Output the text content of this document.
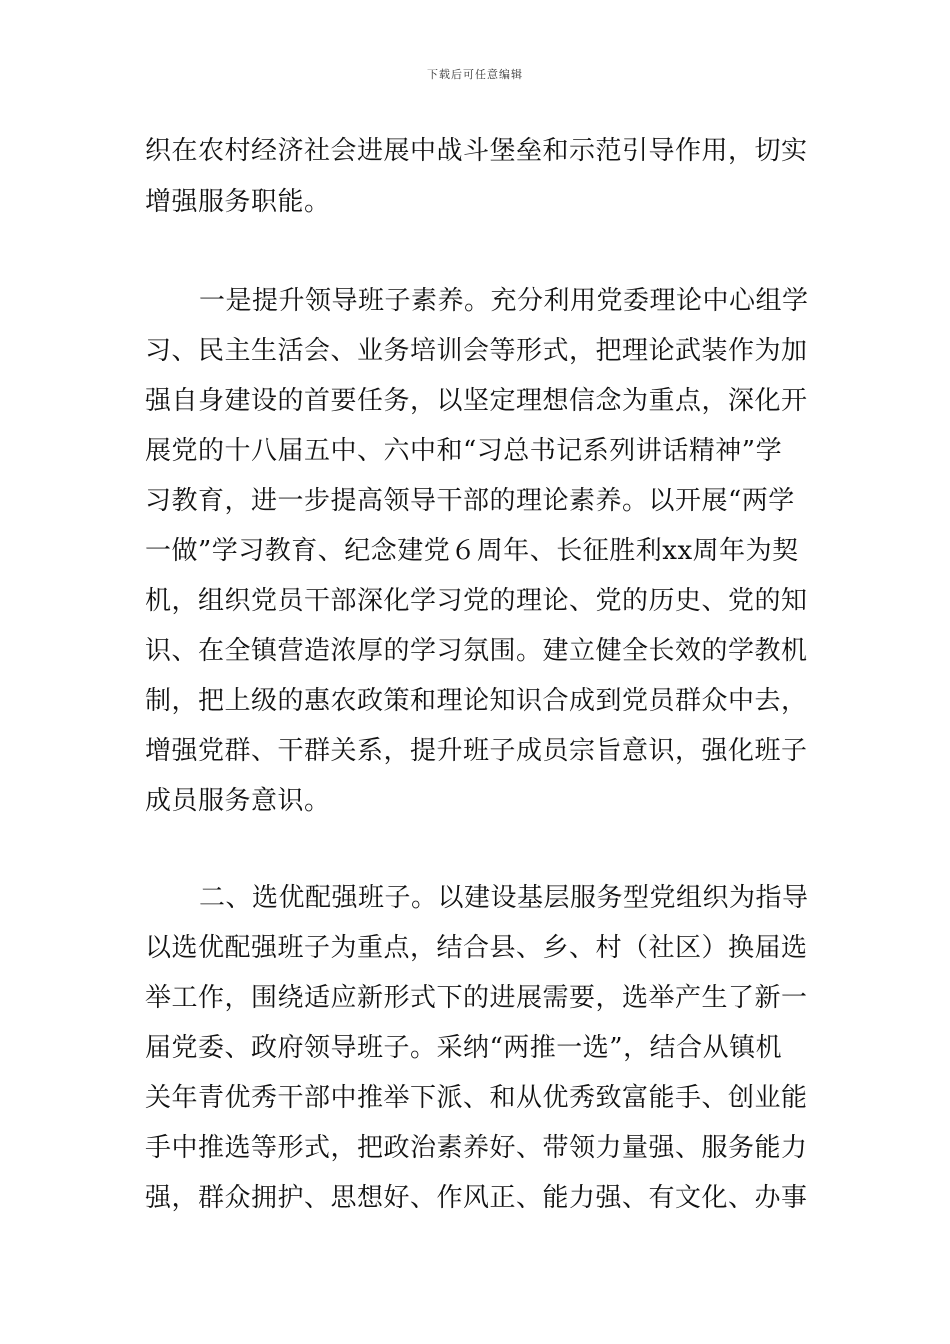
下载后可任意编辑
织在农村经济社会进展中战斗堡垒和示范引导作用，切实
增强服务职能。
一是提升领导班子素养。充分利用党委理论中心组学
习、民主生活会、业务培训会等形式，把理论武装作为加
强自身建设的首要任务，以坚定理想信念为重点，深化开
展党的十八届五中、六中和“习总书记系列讲话精神”学
习教育，进一步提高领导干部的理论素养。以开展“两学
一做”学习教育、纪念建党６周年、长征胜利xx周年为契
机，组织党员干部深化学习党的理论、党的历史、党的知
识、在全镇营造浓厚的学习氛围。建立健全长效的学教机
制，把上级的惠农政策和理论知识合成到党员群众中去，
增强党群、干群关系，提升班子成员宗旨意识，强化班子
成员服务意识。
二、选优配强班子。以建设基层服务型党组织为指导
以选优配强班子为重点，结合县、乡、村（社区）换届选
举工作，围绕适应新形式下的进展需要，选举产生了新一
届党委、政府领导班子。采纳“两推一选”，结合从镇机
关年青优秀干部中推举下派、和从优秀致富能手、创业能
手中推选等形式，把政治素养好、带领力量强、服务能力
强，群众拥护、思想好、作风正、能力强、有文化、办事
